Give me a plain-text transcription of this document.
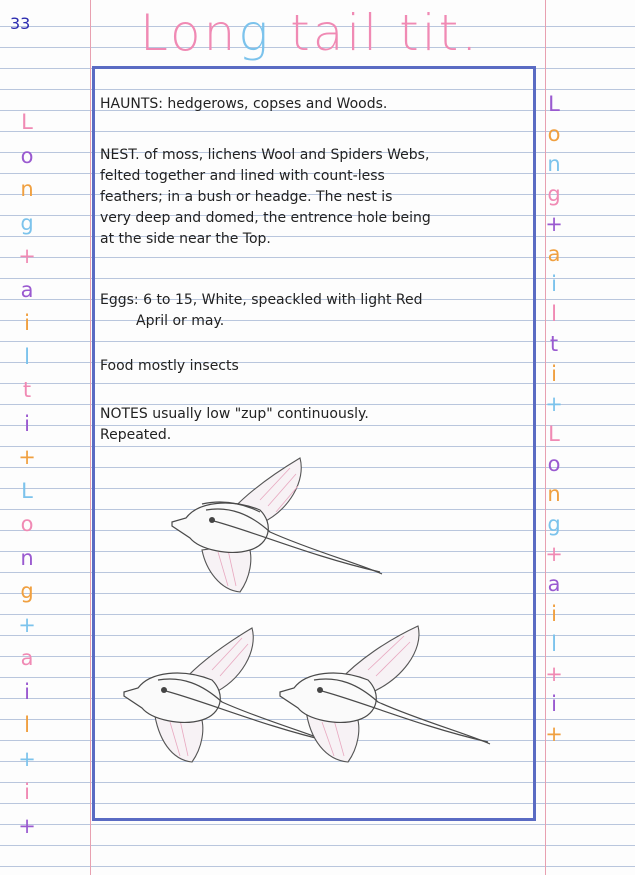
33 Long tail tit.
HAUNTS: hedgerows, copses and Woods.
NEST. of moss, lichens Wool and Spiders Webs,
felted together and lined with count-less
feathers; in a bush or headge. The nest is
very deep and domed, the entrence hole being
at the side near the Top.
Eggs: 6 to 15, White, speackled with light Red
April or may.
Food mostly insects
NOTES usually low "zup" continuously.
Repeated.
L
o
n
g
+
a
i
l
t
i
+
L
o
n
g
+
a
i
l
+
i
+
L
o
n
g
+
a
i
l
t
i
+
L
o
n
g
+
a
i
l
+
i
+
